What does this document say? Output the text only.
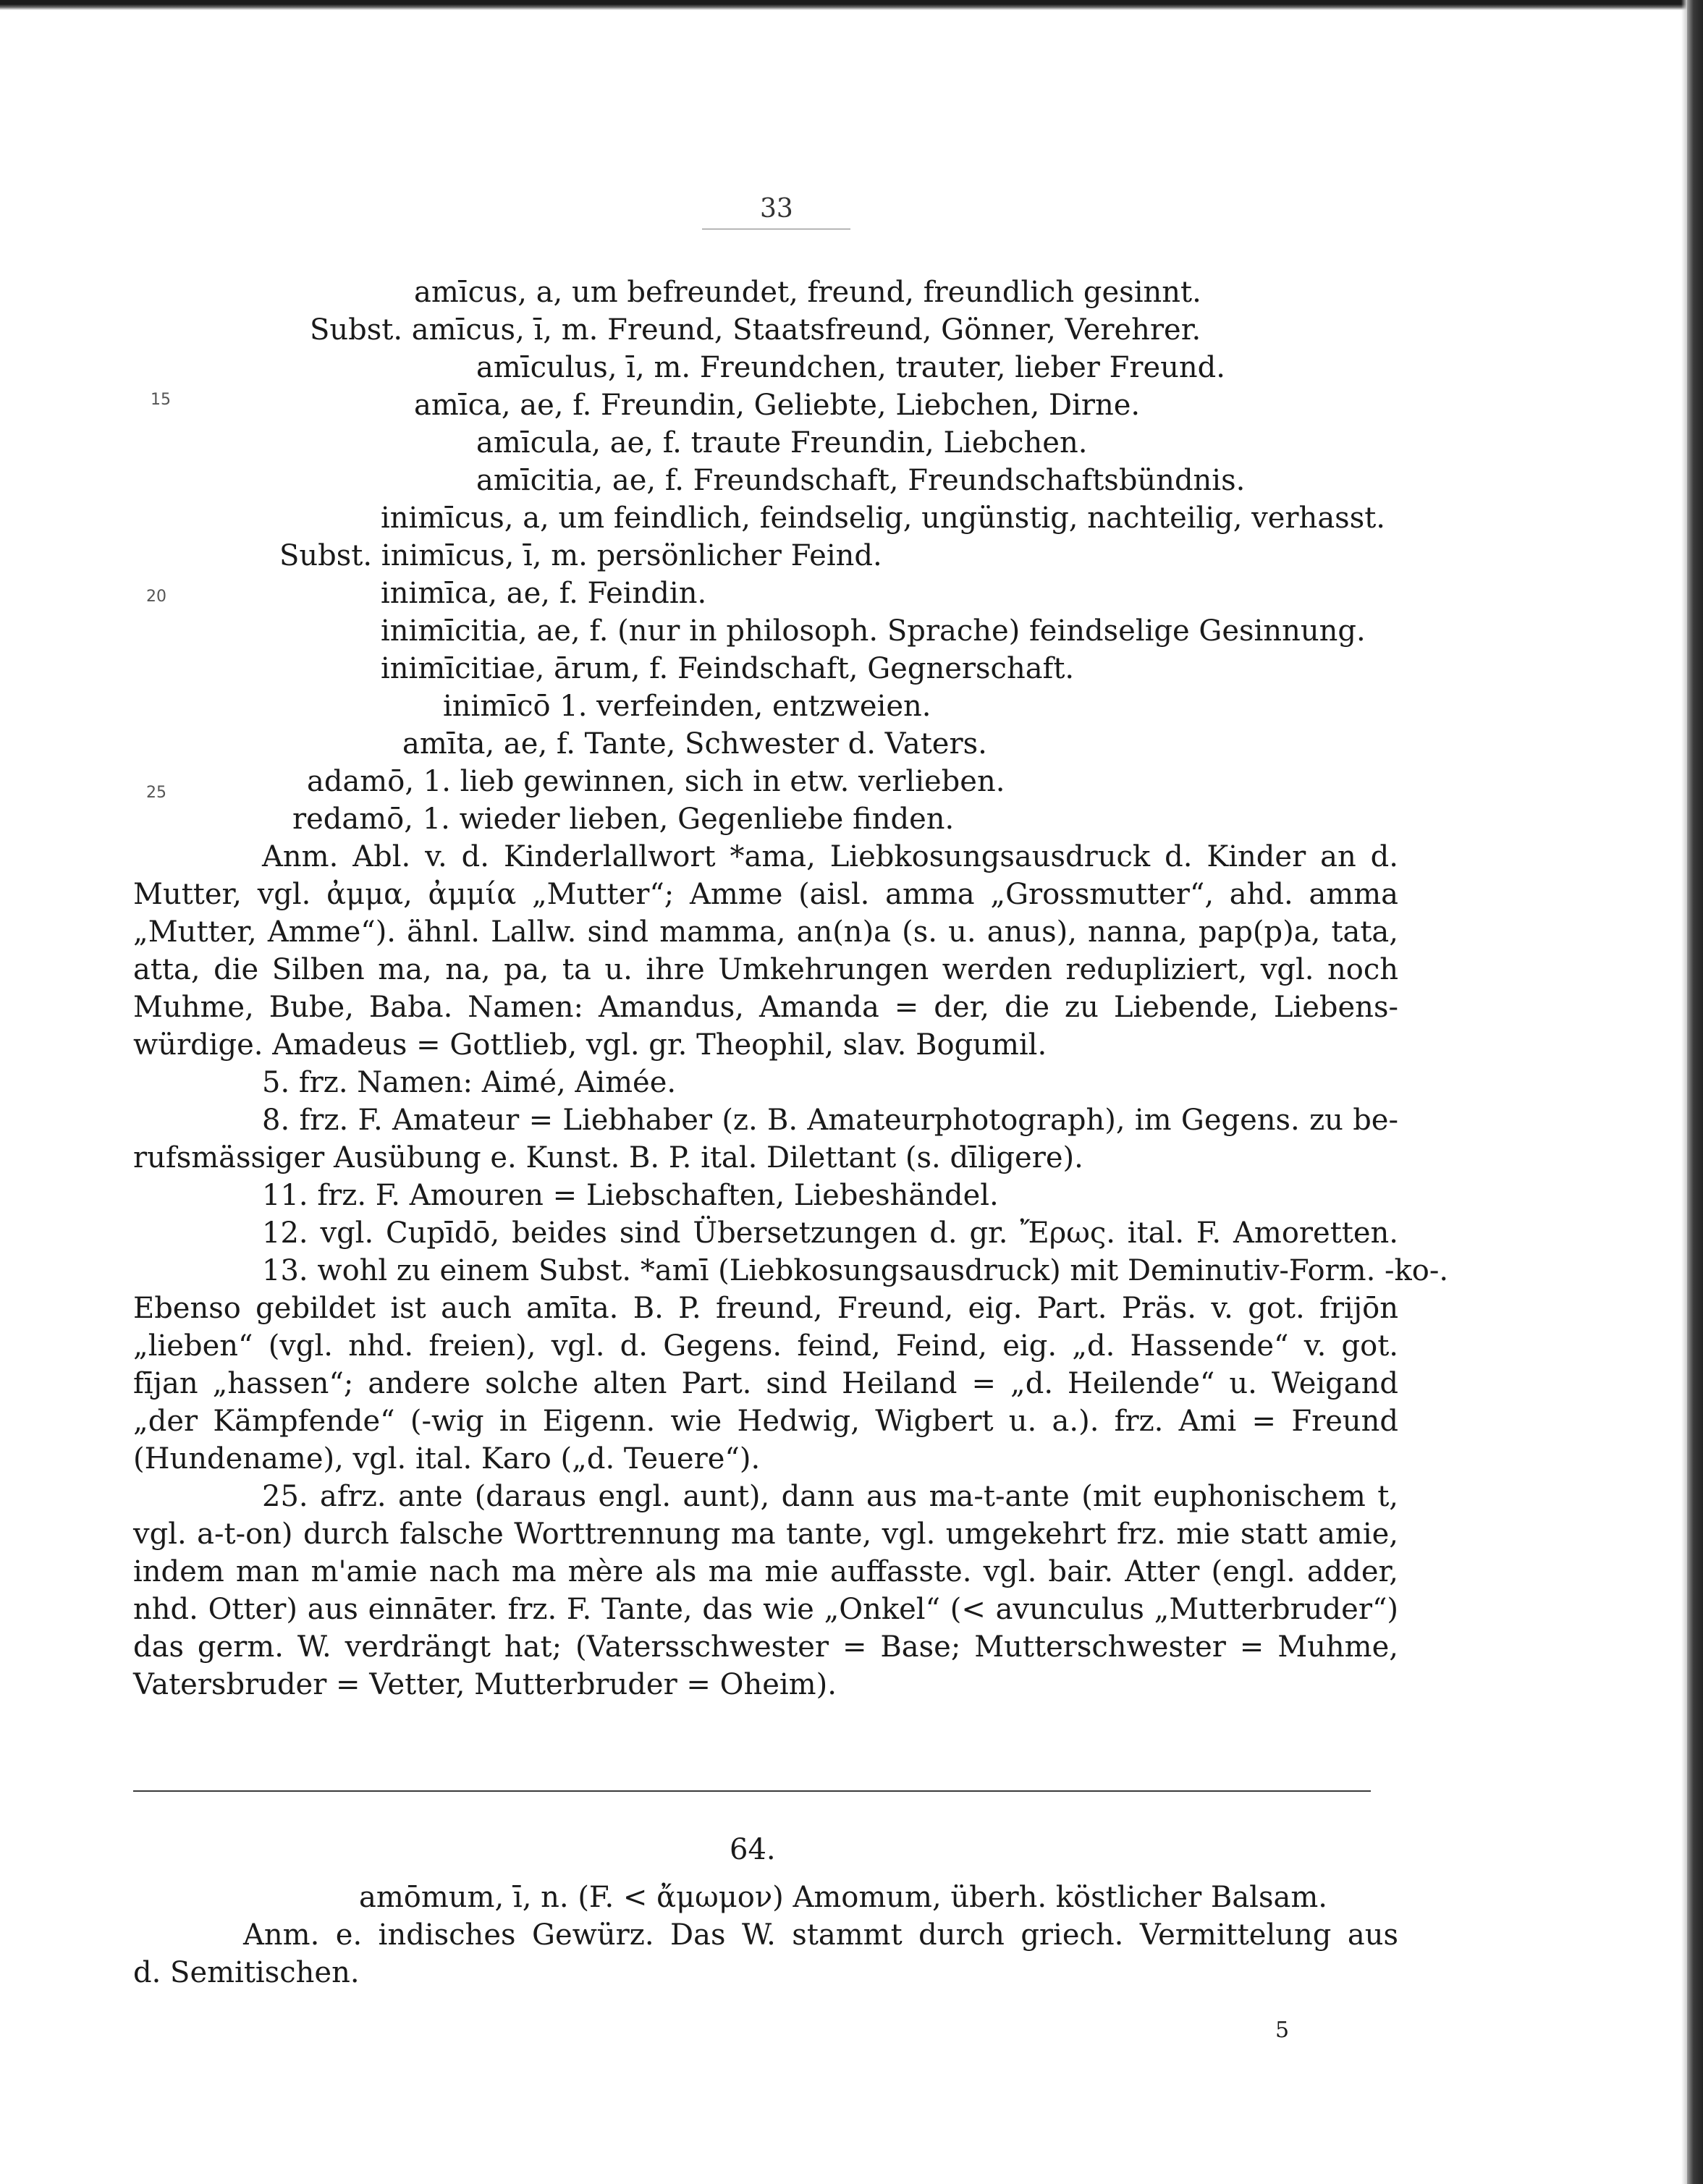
33
15
20
25
amīcus, a, um befreundet, freund, freundlich gesinnt.
Subst. amīcus, ī, m. Freund, Staatsfreund, Gönner, Verehrer.
amīculus, ī, m. Freundchen, trauter, lieber Freund.
amīca, ae, f. Freundin, Geliebte, Liebchen, Dirne.
amīcula, ae, f. traute Freundin, Liebchen.
amīcitia, ae, f. Freundschaft, Freundschaftsbündnis.
inimīcus, a, um feindlich, feindselig, ungünstig, nachteilig, verhasst.
Subst. inimīcus, ī, m. persönlicher Feind.
inimīca, ae, f. Feindin.
inimīcitia, ae, f. (nur in philosoph. Sprache) feindselige Gesinnung.
inimīcitiae, ārum, f. Feindschaft, Gegnerschaft.
inimīcō 1. verfeinden, entzweien.
amīta, ae, f. Tante, Schwester d. Vaters.
adamō, 1. lieb gewinnen, sich in etw. verlieben.
redamō, 1. wieder lieben, Gegenliebe finden.
Anm. Abl. v. d. Kinderlallwort *ama, Liebkosungsausdruck d. Kinder an d.
Mutter, vgl. ἀμμα, ἀμμία „Mutter“; Amme (aisl. amma „Grossmutter“, ahd. amma
„Mutter, Amme“). ähnl. Lallw. sind mamma, an(n)a (s. u. anus), nanna, pap(p)a, tata,
atta, die Silben ma, na, pa, ta u. ihre Umkehrungen werden redupliziert, vgl. noch
Muhme, Bube, Baba. Namen: Amandus, Amanda = der, die zu Liebende, Liebens-
würdige. Amadeus = Gottlieb, vgl. gr. Theophil, slav. Bogumil.
5. frz. Namen: Aimé, Aimée.
8. frz. F. Amateur = Liebhaber (z. B. Amateurphotograph), im Gegens. zu be-
rufsmässiger Ausübung e. Kunst. B. P. ital. Dilettant (s. dīligere).
11. frz. F. Amouren = Liebschaften, Liebeshändel.
12. vgl. Cupīdō, beides sind Übersetzungen d. gr. Ἔρως. ital. F. Amoretten.
13. wohl zu einem Subst. *amī (Liebkosungsausdruck) mit Deminutiv-Form. -ko-.
Ebenso gebildet ist auch amīta. B. P. freund, Freund, eig. Part. Präs. v. got. frijōn
„lieben“ (vgl. nhd. freien), vgl. d. Gegens. feind, Feind, eig. „d. Hassende“ v. got.
fījan „hassen“; andere solche alten Part. sind Heiland = „d. Heilende“ u. Weigand
„der Kämpfende“ (-wig in Eigenn. wie Hedwig, Wigbert u. a.). frz. Ami = Freund
(Hundename), vgl. ital. Karo („d. Teuere“).
25. afrz. ante (daraus engl. aunt), dann aus ma-t-ante (mit euphonischem t,
vgl. a-t-on) durch falsche Worttrennung ma tante, vgl. umgekehrt frz. mie statt amie,
indem man m'amie nach ma mère als ma mie auffasste. vgl. bair. Atter (engl. adder,
nhd. Otter) aus einnāter. frz. F. Tante, das wie „Onkel“ (< avunculus „Mutterbruder“)
das germ. W. verdrängt hat; (Vatersschwester = Base; Mutterschwester = Muhme,
Vatersbruder = Vetter, Mutterbruder = Oheim).
64.
amōmum, ī, n. (F. < ἄμωμον) Amomum, überh. köstlicher Balsam.
Anm. e. indisches Gewürz. Das W. stammt durch griech. Vermittelung aus
d. Semitischen.
5
